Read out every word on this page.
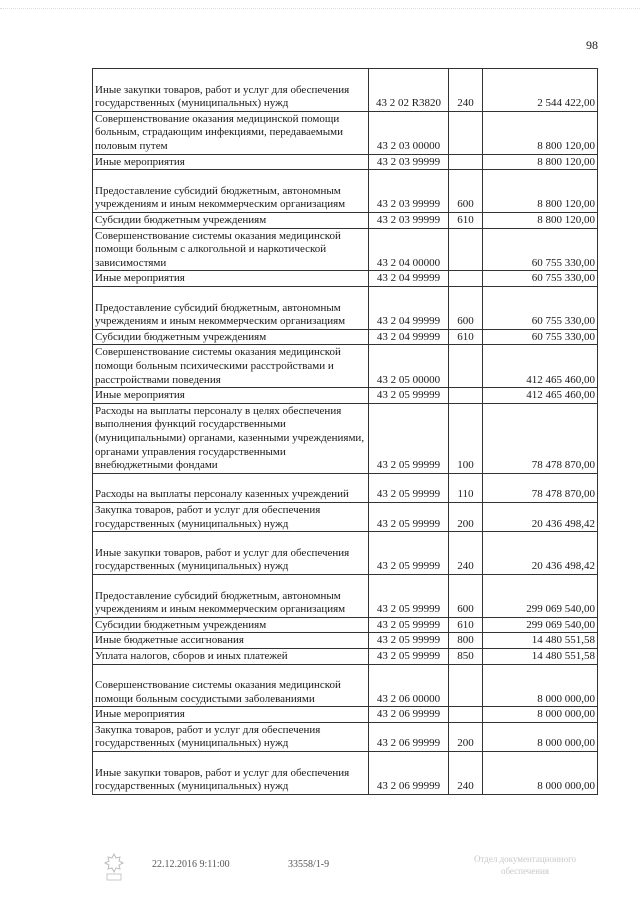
98
Иные закупки товаров, работ и услуг для обеспечения государственных (муниципальных) нужд	43 2 02 R3820	240	2 544 422,00
Совершенствование оказания медицинской помощи больным, страдающим инфекциями, передаваемыми половым путем	43 2 03 00000		8 800 120,00
Иные мероприятия	43 2 03 99999		8 800 120,00
Предоставление субсидий бюджетным, автономным учреждениям и иным некоммерческим организациям	43 2 03 99999	600	8 800 120,00
Субсидии бюджетным учреждениям	43 2 03 99999	610	8 800 120,00
Совершенствование системы оказания медицинской помощи больным с алкогольной и наркотической зависимостями	43 2 04 00000		60 755 330,00
Иные мероприятия	43 2 04 99999		60 755 330,00
Предоставление субсидий бюджетным, автономным учреждениям и иным некоммерческим организациям	43 2 04 99999	600	60 755 330,00
Субсидии бюджетным учреждениям	43 2 04 99999	610	60 755 330,00
Совершенствование системы оказания медицинской помощи больным психическими расстройствами и расстройствами поведения	43 2 05 00000		412 465 460,00
Иные мероприятия	43 2 05 99999		412 465 460,00
Расходы на выплаты персоналу в целях обеспечения выполнения функций государственными (муниципальными) органами, казенными учреждениями, органами управления государственными внебюджетными фондами	43 2 05 99999	100	78 478 870,00
Расходы на выплаты персоналу казенных учреждений	43 2 05 99999	110	78 478 870,00
Закупка товаров, работ и услуг для обеспечения государственных (муниципальных) нужд	43 2 05 99999	200	20 436 498,42
Иные закупки товаров, работ и услуг для обеспечения государственных (муниципальных) нужд	43 2 05 99999	240	20 436 498,42
Предоставление субсидий бюджетным, автономным учреждениям и иным некоммерческим организациям	43 2 05 99999	600	299 069 540,00
Субсидии бюджетным учреждениям	43 2 05 99999	610	299 069 540,00
Иные бюджетные ассигнования	43 2 05 99999	800	14 480 551,58
Уплата налогов, сборов и иных платежей	43 2 05 99999	850	14 480 551,58
Совершенствование системы оказания медицинской помощи больным сосудистыми заболеваниями	43 2 06 00000		8 000 000,00
Иные мероприятия	43 2 06 99999		8 000 000,00
Закупка товаров, работ и услуг для обеспечения государственных (муниципальных) нужд	43 2 06 99999	200	8 000 000,00
Иные закупки товаров, работ и услуг для обеспечения государственных (муниципальных) нужд	43 2 06 99999	240	8 000 000,00
22.12.2016 9:11:00	33558/1-9	Отдел документационного обеспечения
